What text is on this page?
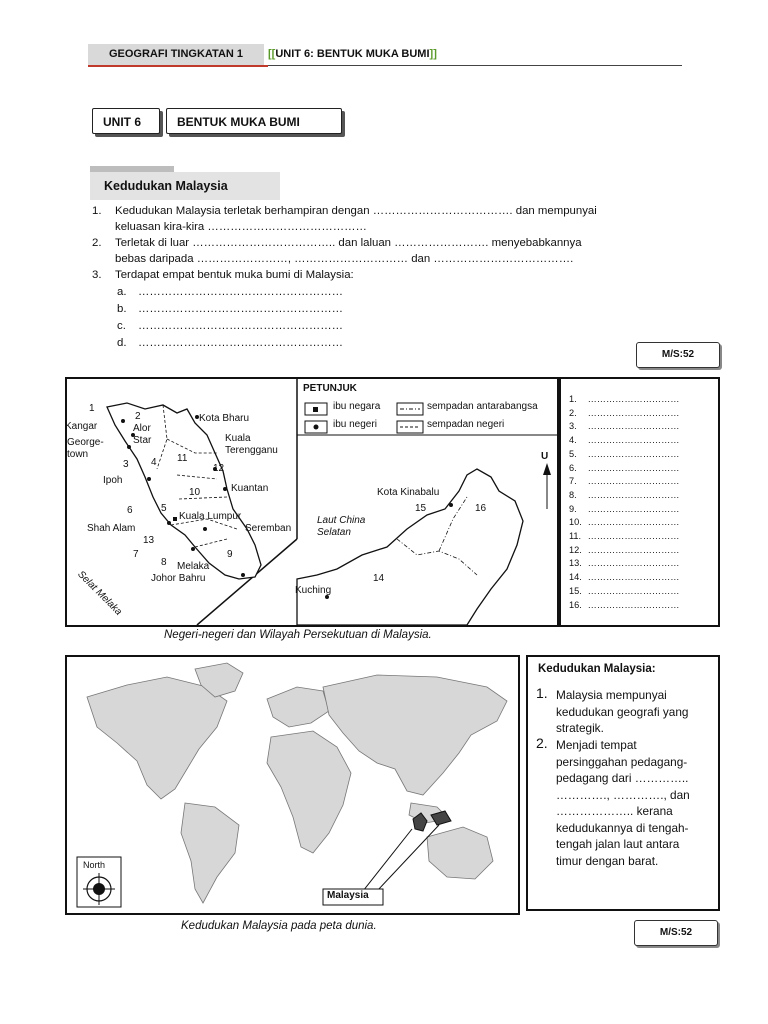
GEOGRAFI TINGKATAN 1	[[UNIT 6: BENTUK MUKA BUMI]]
UNIT 6	BENTUK MUKA BUMI
Kedudukan Malaysia
1. Kedudukan Malaysia terletak berhampiran dengan ………………………………. dan mempunyai
keluasan kira-kira ……………………………………
2. Terletak di luar ……………………………….. dan laluan ……………………. menyebabkannya
bebas daripada ……………………, ………………………… dan ……………………………….
3. Terdapat empat bentuk muka bumi di Malaysia:
a. ………………………………………………
b. ………………………………………………
c. ………………………………………………
d. ………………………………………………
M/S:52
PETUNJUK
ibu negara
ibu negeri
sempadan antarabangsa
sempadan negeri
Kangar	Alor
Star
George-
town
Ipoh
Kota Bharu
Kuala
Terengganu
Kuantan
Kuala Lumpur
Shah Alam	Seremban
Melaka
Johor Bahru
Selat Melaka
Laut China
Selatan
Kota Kinabalu
Kuching
U
1
2
3 4
5
6
7
8
9
10
11
12
13
14
15	16
1. …………………………
2. …………………………
3. …………………………
4. …………………………
5. …………………………
6. …………………………
7. …………………………
8. …………………………
9. …………………………
10. …………………………
11. …………………………
12. …………………………
13. …………………………
14. …………………………
15. …………………………
16. …………………………
Negeri-negeri dan Wilayah Persekutuan di Malaysia.
North
Malaysia
Kedudukan Malaysia pada peta dunia.
Kedudukan Malaysia:
1. Malaysia mempunyai
kedudukan geografi yang
strategik.
2. Menjadi tempat
persinggahan pedagang-
pedagang dari …………..
…………., …………., dan
……………….. kerana
kedudukannya di tengah-
tengah jalan laut antara
timur dengan barat.
M/S:52
